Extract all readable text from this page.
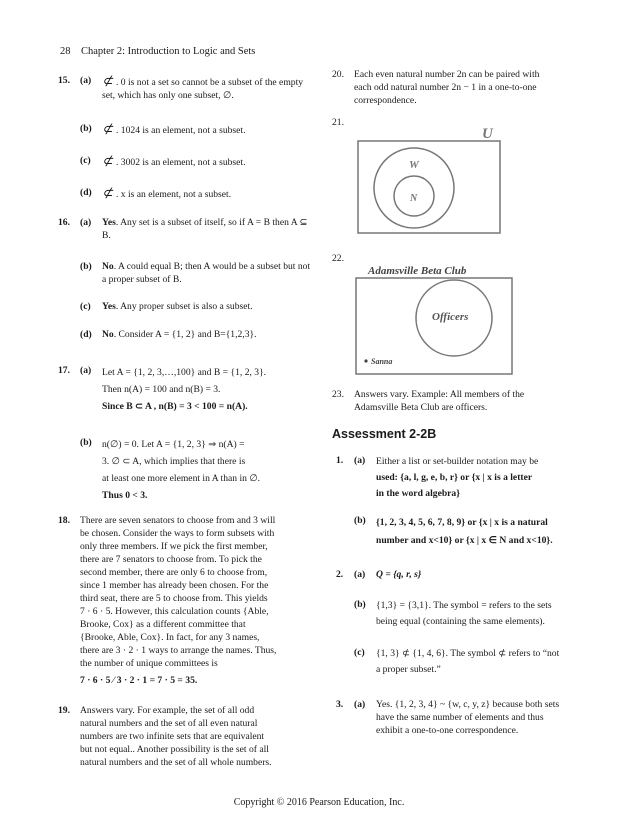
28 Chapter 2: Introduction to Logic and Sets
15.	(a) ⊄ . 0 is not a set so cannot be a subset of the empty set, which has only one subset, ∅.
(b) ⊄ . 1024 is an element, not a subset.
(c) ⊄ . 3002 is an element, not a subset.
(d) ⊄ . x is an element, not a subset.
16.	(a)	Yes. Any set is a subset of itself, so if A = B then A ⊆ B.
(b)	No. A could equal B; then A would be a subset but not a proper subset of B.
(c)	Yes. Any proper subset is also a subset.
(d)	No. Consider A = {1, 2} and B={1,2,3}.
17.	(a)	Let A = {1, 2, 3,…,100} and B = {1, 2, 3}.
Then n(A) = 100 and n(B) = 3.
Since B ⊂ A , n(B) = 3 < 100 = n(A).
(b)	n(∅) = 0. Let A = {1, 2, 3} ⇒ n(A) =
3. ∅ ⊂ A, which implies that there is
at least one more element in A than in ∅.
Thus 0 < 3.
18.	There are seven senators to choose from and 3 will
be chosen. Consider the ways to form subsets with
only three members. If we pick the first member,
there are 7 senators to choose from. To pick the
second member, there are only 6 to choose from,
since 1 member has already been chosen. For the
third seat, there are 5 to choose from. This yields
7 · 6 · 5. However, this calculation counts {Able,
Brooke, Cox} as a different committee that
{Brooke, Able, Cox}. In fact, for any 3 names,
there are 3 · 2 · 1 ways to arrange the names. Thus,
the number of unique committees is
7 · 6 · 5 ⁄ 3 · 2 · 1 = 7 · 5 = 35.
19.	Answers vary. For example, the set of all odd
natural numbers and the set of all even natural
numbers are two infinite sets that are equivalent
but not equal.. Another possibility is the set of all
natural numbers and the set of all whole numbers.
20.	Each even natural number 2n can be paired with
each odd natural number 2n − 1 in a one-to-one
correspondence.
21.
U
W
N
22.
Adamsville Beta Club
Officers
Sanna
23.	Answers vary. Example: All members of the
Adamsville Beta Club are officers.
Assessment 2-2B
1.	(a)	Either a list or set-builder notation may be
used: {a, l, g, e, b, r} or {x | x is a letter
in the word algebra}
(b)	{1, 2, 3, 4, 5, 6, 7, 8, 9} or {x | x is a natural
number and x<10} or {x | x ∈ N and x<10}.
2.	(a)	Q = {q, r, s}
(b)	{1,3} = {3,1}. The symbol = refers to the sets
being equal (containing the same elements).
(c)	{1, 3} ⊄ {1, 4, 6}. The symbol ⊄ refers to “not
a proper subset.”
3.	(a)	Yes. {1, 2, 3, 4} ~ {w, c, y, z} because both sets
have the same number of elements and thus
exhibit a one-to-one correspondence.
Copyright © 2016 Pearson Education, Inc.
